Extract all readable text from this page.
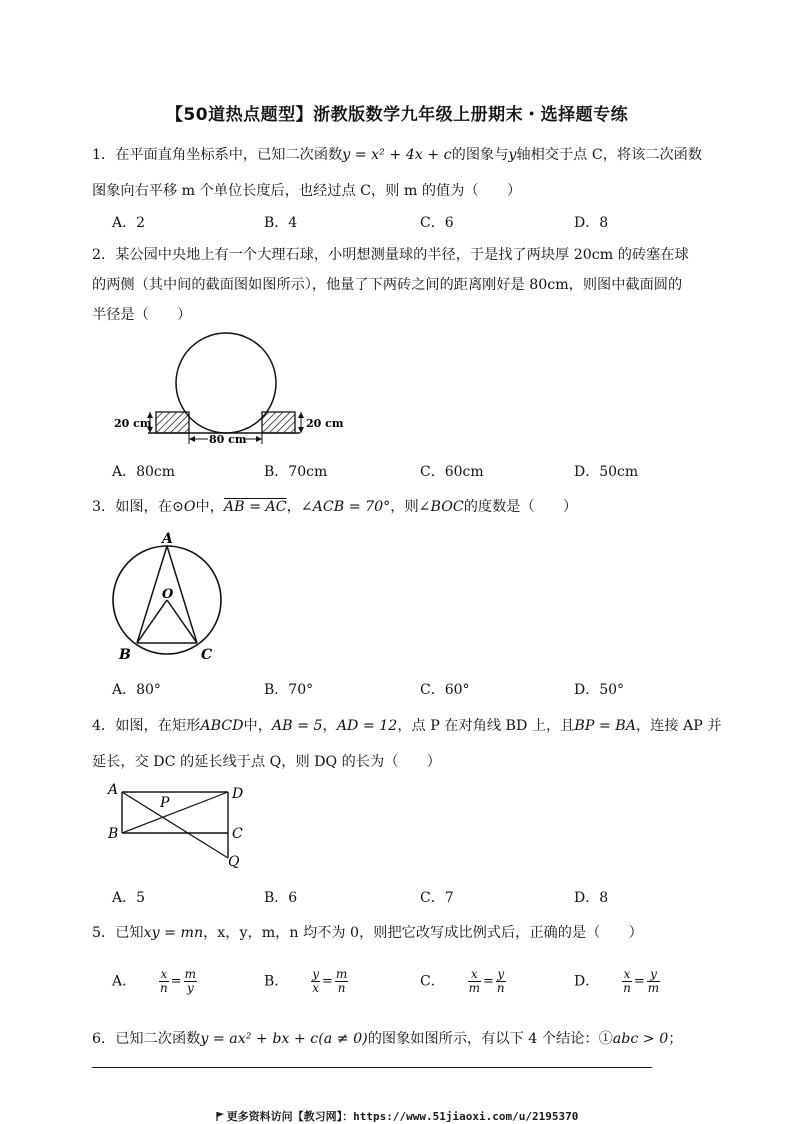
【50道热点题型】浙教版数学九年级上册期末・选择题专练
1．在平面直角坐标系中，已知二次函数y = x² + 4x + c的图象与y轴相交于点 C，将该二次函数
图象向右平移 m 个单位长度后，也经过点 C，则 m 的值为（　　）
A．2	B．4	C．6	D．8
2．某公园中央地上有一个大理石球，小明想测量球的半径，于是找了两块厚 20cm 的砖塞在球
的两侧（其中间的截面图如图所示），他量了下两砖之间的距离刚好是 80cm，则图中截面圆的
半径是（　　）
20 cm	20 cm
80 cm
A．80cm	B．70cm	C．60cm	D．50cm
3．如图，在⊙O中，AB = AC，∠ACB = 70°，则∠BOC的度数是（　　）
A
O
B	C
A．80°	B．70°	C．60°	D．50°
4．如图，在矩形ABCD中，AB = 5，AD = 12，点 P 在对角线 BD 上，且BP = BA，连接 AP 并
延长，交 DC 的延长线于点 Q，则 DQ 的长为（　　）
A	D
P
B	C
Q
A．5	B．6	C．7	D．8
5．已知xy = mn，x，y，m，n 均不为 0，则把它改写成比例式后，正确的是（　　）
A． $\frac{x}{n} = \frac{m}{y}$	B． $\frac{y}{x} = \frac{m}{n}$	C． $\frac{x}{m} = \frac{y}{n}$	D． $\frac{x}{n} = \frac{y}{m}$
6．已知二次函数y = ax² + bx + c(a ≠ 0)的图象如图所示，有以下 4 个结论：①abc > 0；
更多资料访问【教习网】：https://www.51jiaoxi.com/u/2195370
